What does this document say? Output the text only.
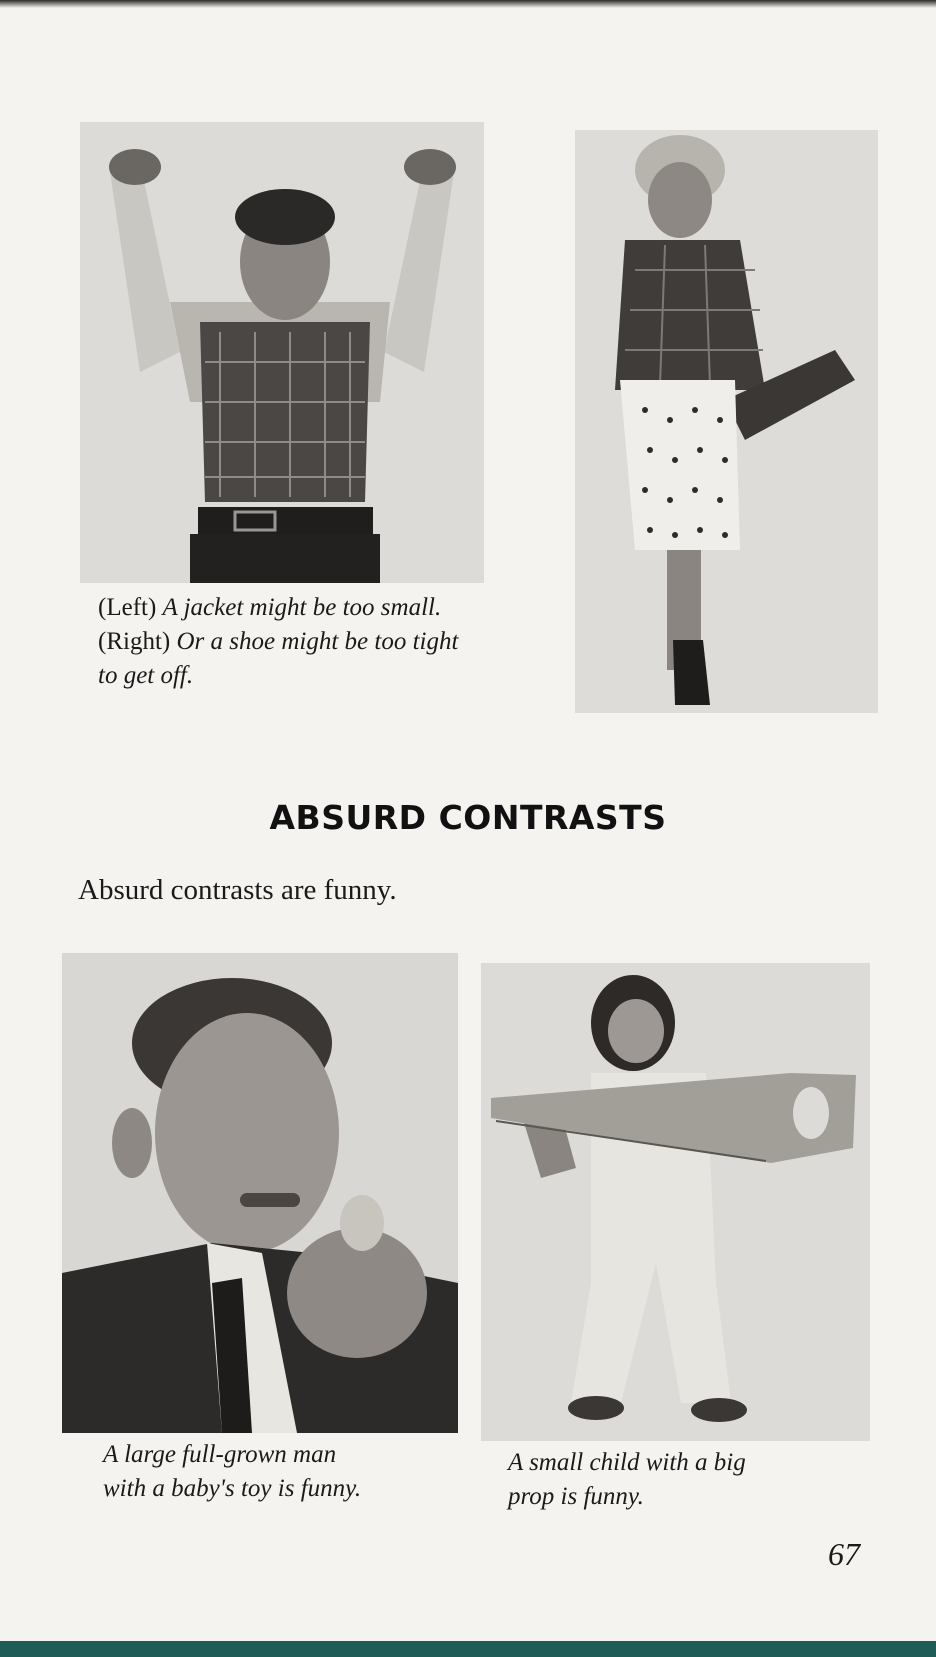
(Left) A jacket might be too small. (Right) Or a shoe might be too tight to get off.
ABSURD CONTRASTS
Absurd contrasts are funny.
A large full-grown man
with a baby's toy is funny.
A small child with a big
prop is funny.
67
